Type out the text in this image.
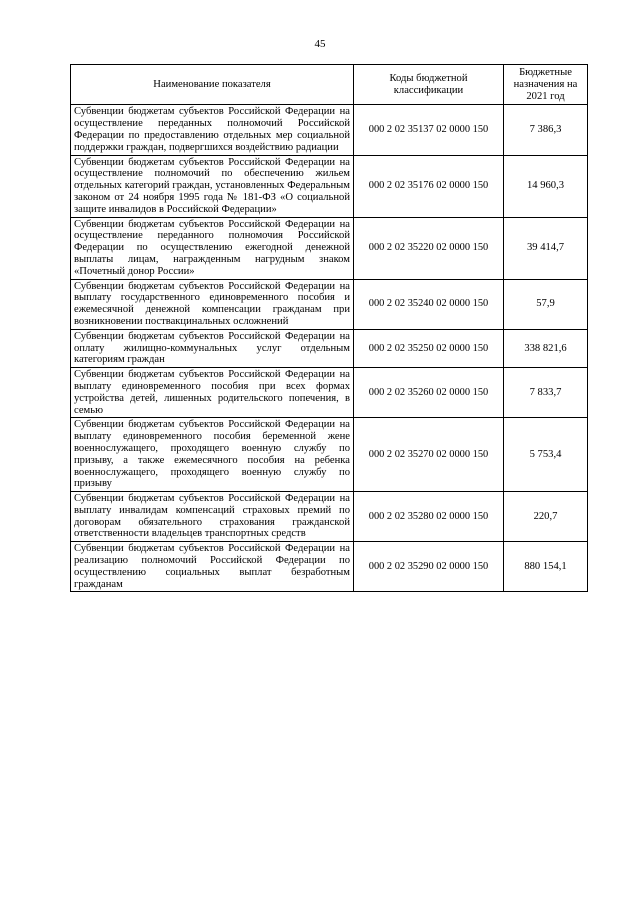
45
Наименование показателя	Коды бюджетной классификации	Бюджетные назначения на 2021 год
Субвенции бюджетам субъектов Российской Федерации на осуществление переданных полномочий Российской Федерации по предоставлению отдельных мер социальной поддержки граждан, подвергшихся воздействию радиации	000 2 02 35137 02 0000 150	7 386,3
Субвенции бюджетам субъектов Российской Федерации на осуществление полномочий по обеспечению жильем отдельных категорий граждан, установленных Федеральным законом от 24 ноября 1995 года № 181-ФЗ «О социальной защите инвалидов в Российской Федерации»	000 2 02 35176 02 0000 150	14 960,3
Субвенции бюджетам субъектов Российской Федерации на осуществление переданного полномочия Российской Федерации по осуществлению ежегодной денежной выплаты лицам, награжденным нагрудным знаком «Почетный донор России»	000 2 02 35220 02 0000 150	39 414,7
Субвенции бюджетам субъектов Российской Федерации на выплату государственного единовременного пособия и ежемесячной денежной компенсации гражданам при возникновении поствакцинальных осложнений	000 2 02 35240 02 0000 150	57,9
Субвенции бюджетам субъектов Российской Федерации на оплату жилищно-коммунальных услуг отдельным категориям граждан	000 2 02 35250 02 0000 150	338 821,6
Субвенции бюджетам субъектов Российской Федерации на выплату единовременного пособия при всех формах устройства детей, лишенных родительского попечения, в семью	000 2 02 35260 02 0000 150	7 833,7
Субвенции бюджетам субъектов Российской Федерации на выплату единовременного пособия беременной жене военнослужащего, проходящего военную службу по призыву, а также ежемесячного пособия на ребенка военнослужащего, проходящего военную службу по призыву	000 2 02 35270 02 0000 150	5 753,4
Субвенции бюджетам субъектов Российской Федерации на выплату инвалидам компенсаций страховых премий по договорам обязательного страхования гражданской ответственности владельцев транспортных средств	000 2 02 35280 02 0000 150	220,7
Субвенции бюджетам субъектов Российской Федерации на реализацию полномочий Российской Федерации по осуществлению социальных выплат безработным гражданам	000 2 02 35290 02 0000 150	880 154,1
